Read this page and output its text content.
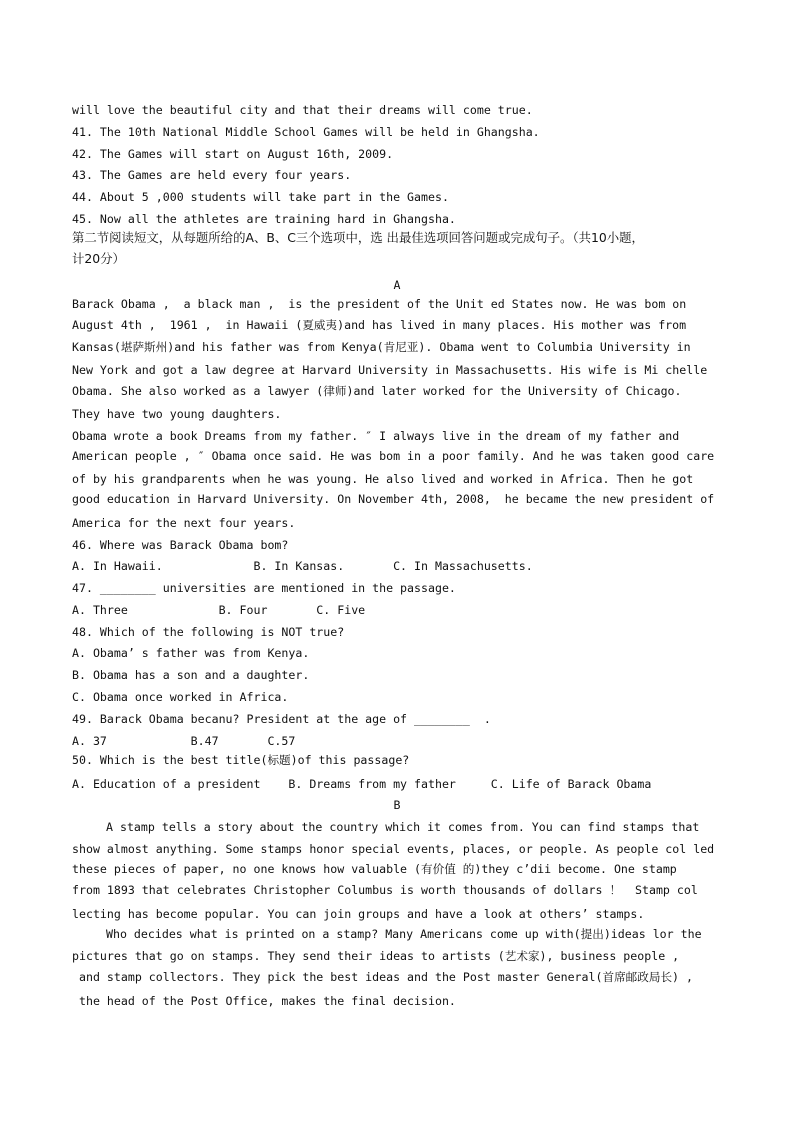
will love the beautiful city and that their dreams will come true.

41. The 10th National Middle School Games will be held in Ghangsha.

42. The Games will start on August 16th, 2009.

43. The Games are held every four years.

44. About 5 ,000 students will take part in the Games.

45. Now all the athletes are training hard in Ghangsha.

第二节阅读短文，从每题所给的A、B、C三个选项中，选 出最佳选项回答问题或完成句子。（共10小题，

计20分）

A

Barack Obama ,  a black man ,  is the president of the Unit ed States now. He was bom on

August 4th ,  1961 ,  in Hawaii (夏威夷)and has lived in many places. His mother was from

Kansas(堪萨斯州)and his father was from Kenya(肯尼亚). Obama went to Columbia University in

New York and got a law degree at Harvard University in Massachusetts. His wife is Mi chelle

Obama. She also worked as a lawyer (律师)and later worked for the University of Chicago.

They have two young daughters.

Obama wrote a book Dreams from my father. ″ I always live in the dream of my father and

American people , ″ Obama once said. He was bom in a poor family. And he was taken good care

of by his grandparents when he was young. He also lived and worked in Africa. Then he got

good education in Harvard University. On November 4th, 2008,  he became the new president of

America for the next four years.

46. Where was Barack Obama bom?

A. In Hawaii.             B. In Kansas.       C. In Massachusetts.

47. ________ universities are mentioned in the passage.

A. Three             B. Four       C. Five

48. Which of the following is NOT true?

A. Obama’ s father was from Kenya.

B. Obama has a son and a daughter.

C. Obama once worked in Africa.

49. Barack Obama becanu? President at the age of ________  .

A. 37            B.47       C.57

50. Which is the best title(标题)of this passage?

A. Education of a president    B. Dreams from my father     C. Life of Barack Obama

B

A stamp tells a story about the country which it comes from. You can find stamps that

show almost anything. Some stamps honor special events, places, or people. As people col led

these pieces of paper, no one knows how valuable (有价值 的)they c’dii become. One stamp

from 1893 that celebrates Christopher Columbus is worth thousands of dollars ！  Stamp col

lecting has become popular. You can join groups and have a look at others’ stamps.

Who decides what is printed on a stamp? Many Americans come up with(提出)ideas lor the

pictures that go on stamps. They send their ideas to artists (艺术家), business people ,

and stamp collectors. They pick the best ideas and the Post master General(首席邮政局长) ,

the head of the Post Office, makes the final decision.
